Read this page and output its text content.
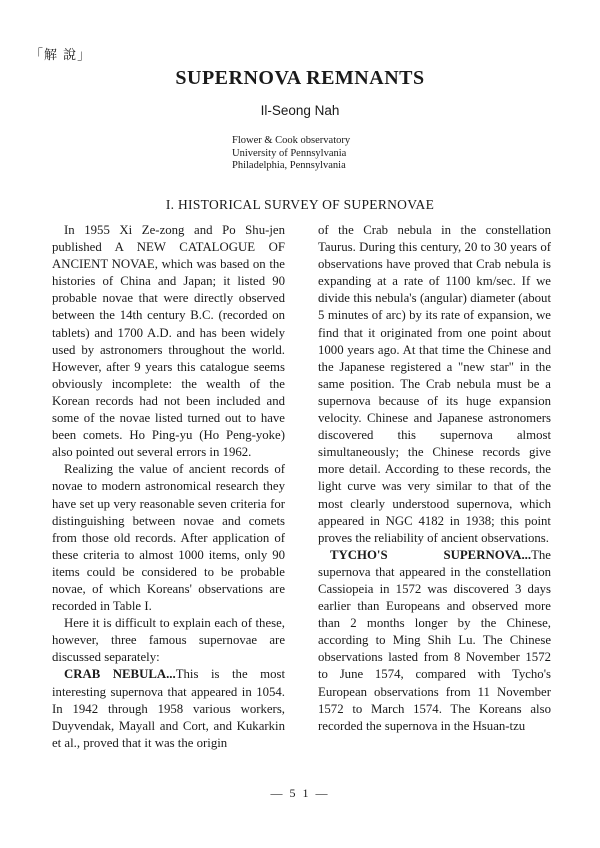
「解 說」
SUPERNOVA REMNANTS
Il-Seong Nah
Flower & Cook observatory
University of Pennsylvania
Philadelphia, Pennsylvania
I. HISTORICAL SURVEY OF SUPERNOVAE

In 1955 Xi Ze-zong and Po Shu-jen published A NEW CATALOGUE OF ANCIENT NOVAE, which was based on the histories of China and Japan; it listed 90 probable novae that were directly observed between the 14th century B.C. (recorded on tablets) and 1700 A.D. and has been widely used by astronomers throughout the world. However, after 9 years this catalogue seems obviously incomplete: the wealth of the Korean records had not been included and some of the novae listed turned out to have been comets. Ho Ping-yu (Ho Peng-yoke) also pointed out several errors in 1962.

Realizing the value of ancient records of novae to modern astronomical research they have set up very reasonable seven criteria for distinguishing between novae and comets from those old records. After application of these criteria to almost 1000 items, only 90 items could be considered to be probable novae, of which Koreans' observations are recorded in Table I.

Here it is difficult to explain each of these, however, three famous supernovae are discussed separately:

CRAB NEBULA...This is the most interesting supernova that appeared in 1054. In 1942 through 1958 various workers, Duyvendak, Mayall and Cort, and Kukarkin et al., proved that it was the origin

of the Crab nebula in the constellation Taurus. During this century, 20 to 30 years of observations have proved that Crab nebula is expanding at a rate of 1100 km/sec. If we divide this nebula's (angular) diameter (about 5 minutes of arc) by its rate of expansion, we find that it originated from one point about 1000 years ago. At that time the Chinese and the Japanese registered a "new star" in the same position. The Crab nebula must be a supernova because of its huge expansion velocity. Chinese and Japanese astronomers discovered this supernova almost simultaneously; the Chinese records give more detail. According to these records, the light curve was very similar to that of the most clearly understood supernova, which appeared in NGC 4182 in 1938; this point proves the reliability of ancient observations.

TYCHO'S SUPERNOVA...The supernova that appeared in the constellation Cassiopeia in 1572 was discovered 3 days earlier than Europeans and observed more than 2 months longer by the Chinese, according to Ming Shih Lu. The Chinese observations lasted from 8 November 1572 to June 1574, compared with Tycho's European observations from 11 November 1572 to March 1574. The Koreans also recorded the supernova in the Hsuan-tzu

— 5 1 —
